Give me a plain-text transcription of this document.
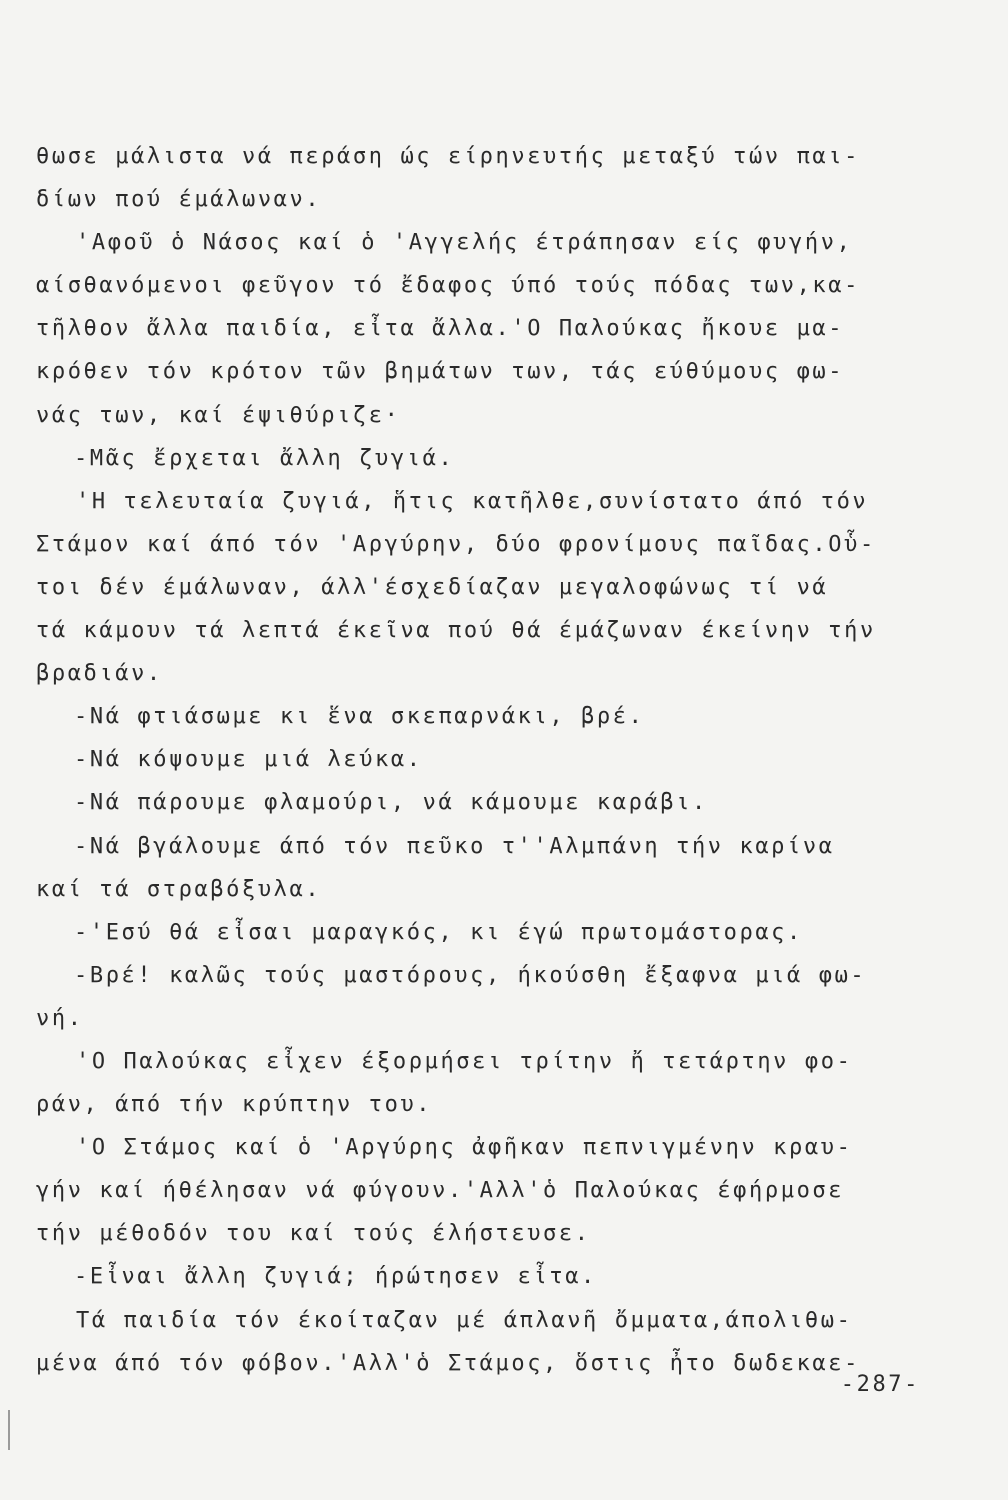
θωσε μάλιστα νά περάση ώς είρηνευτής μεταξύ τών παι-
δίων πού έμάλωναν.
'Αφοῦ ὁ Νάσος καί ὁ 'Αγγελής έτράπησαν είς φυγήν,
αίσθανόμενοι φεῦγον τό ἔδαφος ύπό τούς πόδας των,κα-
τῆλθον ἄλλα παιδία, εἶτα ἄλλα.'Ο Παλούκας ἤκουε μα-
κρόθεν τόν κρότον τῶν βημάτων των, τάς εύθύμους φω-
νάς των, καί έψιθύριζε·
-Μᾶς ἔρχεται ἄλλη ζυγιά.
'Η τελευταία ζυγιά, ἥτις κατῆλθε,συνίστατο άπό τόν
Στάμον καί άπό τόν 'Αργύρην, δύο φρονίμους παῖδας.Οὗ-
τοι δέν έμάλωναν, άλλ'έσχεδίαζαν μεγαλοφώνως τί νά
τά κάμουν τά λεπτά έκεῖνα πού θά έμάζωναν έκείνην τήν
βραδιάν.
-Νά φτιάσωμε κι ἕνα σκεπαρνάκι, βρέ.
-Νά κόψουμε μιά λεύκα.
-Νά πάρουμε φλαμούρι, νά κάμουμε καράβι.
-Νά βγάλουμε άπό τόν πεῦκο τ''Αλμπάνη τήν καρίνα
καί τά στραβόξυλα.
-'Εσύ θά εἶσαι μαραγκός, κι έγώ πρωτομάστορας.
-Βρέ! καλῶς τούς μαστόρους, ήκούσθη ἔξαφνα μιά φω-
νή.
'Ο Παλούκας εἶχεν έξορμήσει τρίτην ἤ τετάρτην φο-
ράν, άπό τήν κρύπτην του.
'Ο Στάμος καί ὁ 'Αργύρης ἀφῆκαν πεπνιγμένην κραυ-
γήν καί ήθέλησαν νά φύγουν.'Αλλ'ὁ Παλούκας έφήρμοσε
τήν μέθοδόν του καί τούς έλήστευσε.
-Εἶναι ἄλλη ζυγιά; ήρώτησεν εἶτα.
Τά παιδία τόν έκοίταζαν μέ άπλανῆ ὄμματα,άπολιθω-
μένα άπό τόν φόβον.'Αλλ'ὁ Στάμος, ὅστις ἦτο δωδεκαε-
-287-
